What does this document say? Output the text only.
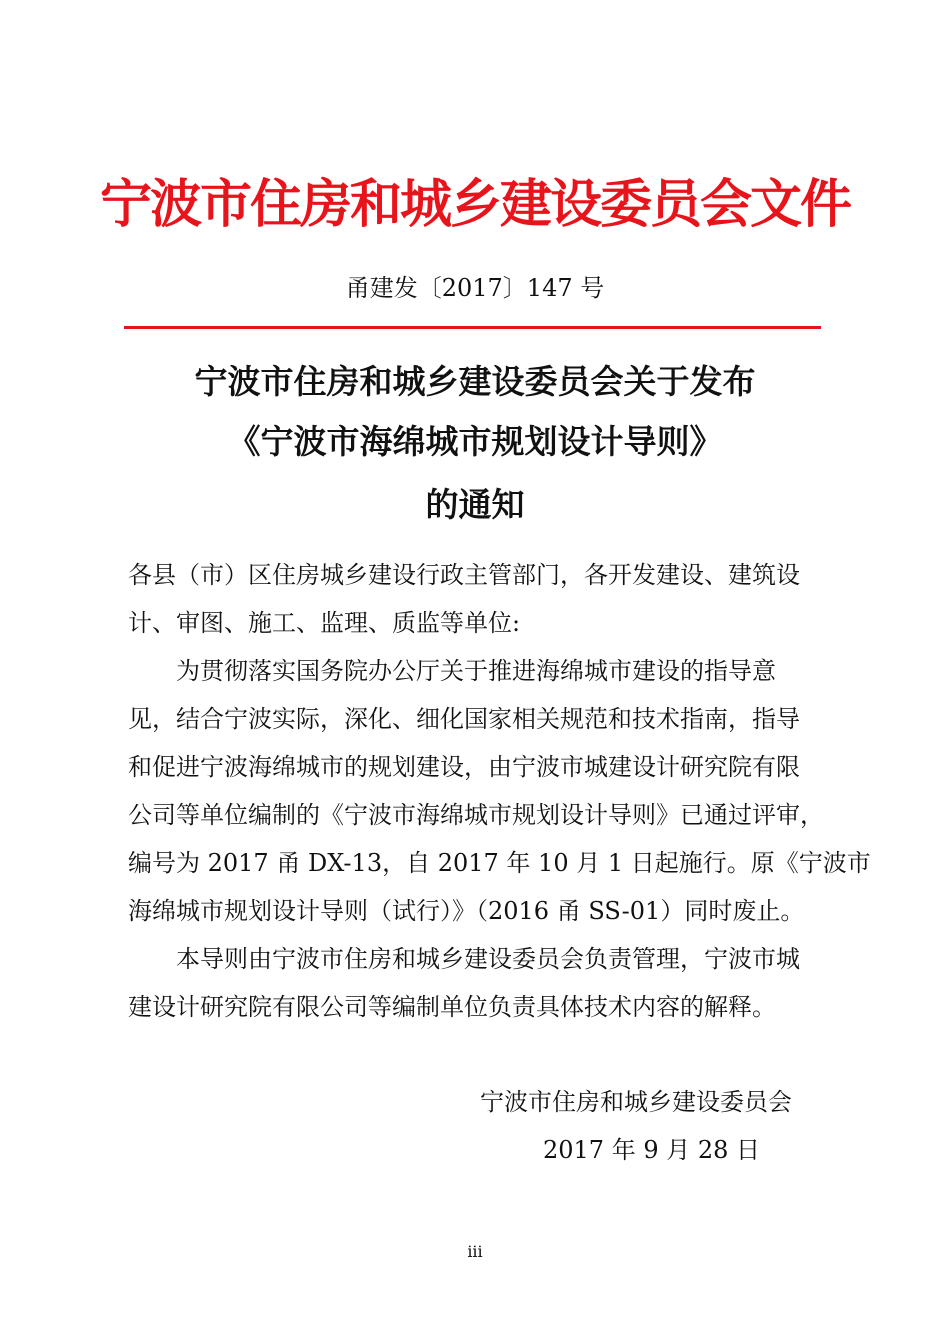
宁波市住房和城乡建设委员会文件
甬建发〔2017〕147 号
宁波市住房和城乡建设委员会关于发布
《宁波市海绵城市规划设计导则》
的通知
各县（市）区住房城乡建设行政主管部门，各开发建设、建筑设
计、审图、施工、监理、质监等单位:
为贯彻落实国务院办公厅关于推进海绵城市建设的指导意
见，结合宁波实际，深化、细化国家相关规范和技术指南，指导
和促进宁波海绵城市的规划建设，由宁波市城建设计研究院有限
公司等单位编制的《宁波市海绵城市规划设计导则》已通过评审，
编号为 2017 甬 DX-13，自 2017 年 10 月 1 日起施行。原《宁波市
海绵城市规划设计导则（试行）》（2016 甬 SS-01）同时废止。
本导则由宁波市住房和城乡建设委员会负责管理，宁波市城
建设计研究院有限公司等编制单位负责具体技术内容的解释。
宁波市住房和城乡建设委员会
2017 年 9 月 28 日
iii
